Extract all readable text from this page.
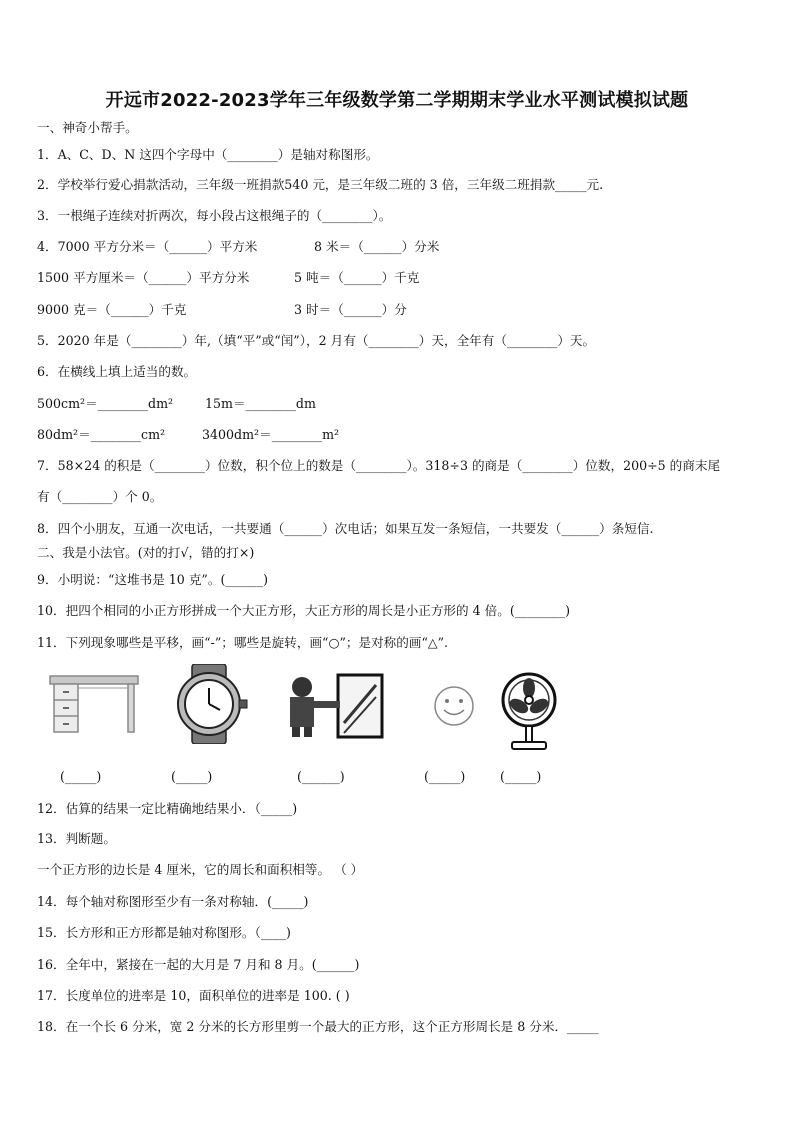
开远市2022-2023学年三年级数学第二学期期末学业水平测试模拟试题
一、神奇小帮手。
1．A、C、D、N 这四个字母中（________）是轴对称图形。
2．学校举行爱心捐款活动，三年级一班捐款540 元，是三年级二班的 3 倍，三年级二班捐款_____元.
3．一根绳子连续对折两次，每小段占这根绳子的（________）。
4．7000 平方分米＝（______）平方米	8 米＝（______）分米
1500 平方厘米＝（______）平方分米	5 吨＝（______）千克
9000 克＝（______）千克	3 时＝（______）分
5．2020 年是（________）年,（填“平”或“闰”），2 月有（________）天，全年有（________）天。
6．在横线上填上适当的数。
500cm²＝________dm²	15m＝________dm
80dm²＝________cm²	3400dm²＝________m²
7．58×24 的积是（________）位数，积个位上的数是（________）。318÷3 的商是（________）位数，200÷5 的商末尾
有（________）个 0。
8．四个小朋友，互通一次电话，一共要通（______）次电话；如果互发一条短信，一共要发（______）条短信.
二、我是小法官。(对的打√，错的打×)
9．小明说：“这堆书是 10 克”。(______)
10．把四个相同的小正方形拼成一个大正方形，大正方形的周长是小正方形的 4 倍。(________)
11．下列现象哪些是平移，画“-”；哪些是旋转，画“○”；是对称的画“△”.
(_____)	(_____)	(______)	(_____)	(_____)
12．估算的结果一定比精确地结果小．（_____)
13．判断题。
一个正方形的边长是 4 厘米，它的周长和面积相等。 （ ）
14．每个轴对称图形至少有一条对称轴．(_____)
15．长方形和正方形都是轴对称图形。（____)
16．全年中，紧接在一起的大月是 7 月和 8 月。(______)
17．长度单位的进率是 10，面积单位的进率是 100. ( )
18．在一个长 6 分米，宽 2 分米的长方形里剪一个最大的正方形，这个正方形周长是 8 分米．_____
